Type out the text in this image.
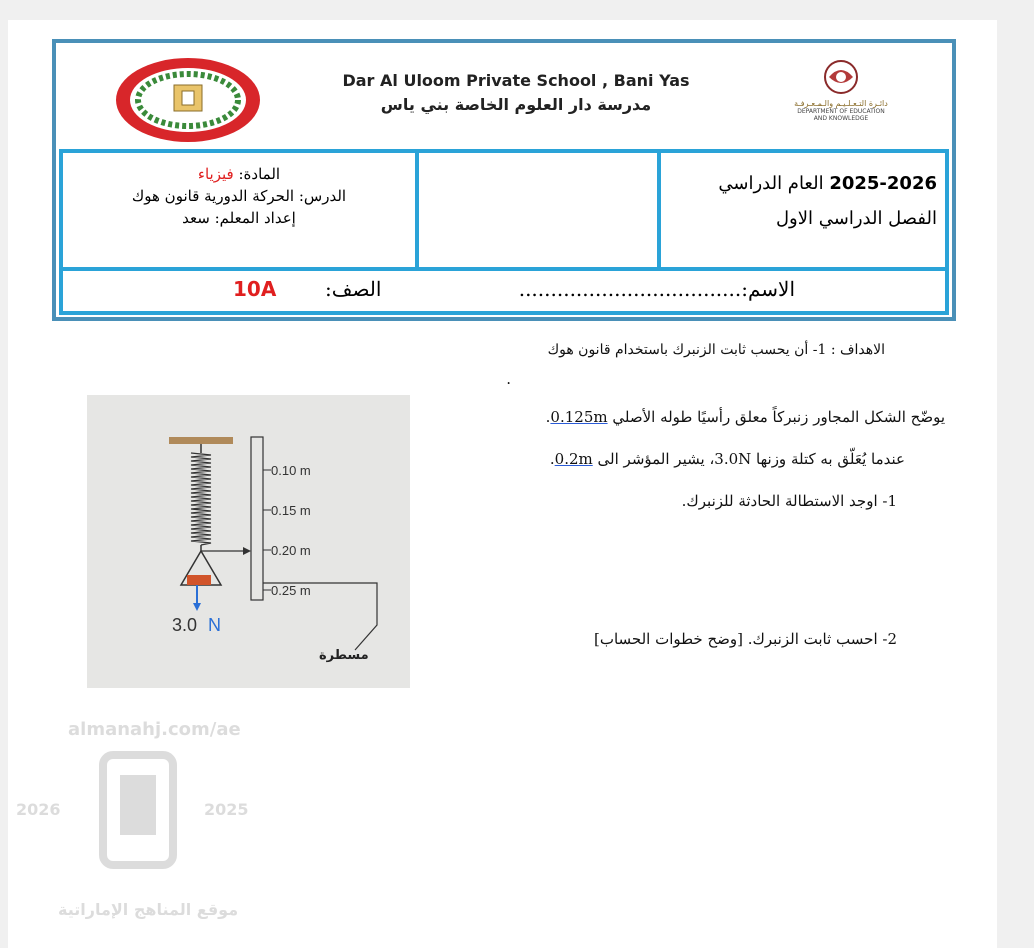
Dar Al Uloom Private School , Bani Yas
مدرسة دار العلوم الخاصة بني ياس	دائـرة التـعـلـيـم والـمـعـرفـة
DEPARTMENT OF EDUCATION
AND KNOWLEDGE
المادة: فيزياء
الدرس: الحركة الدورية قانون هوك
إعداد المعلم: سعد
2025-2026 العام الدراسي
الفصل الدراسي الاول
الاسم:...................................
الصف:
10A
الاهداف : 1- أن يحسب ثابت الزنبرك باستخدام قانون هوك
.
يوضّح الشكل المجاور زنبركاً معلق رأسيًا طوله الأصلي 0.125m.
عندما يُعَلّق به كتلة وزنها 3.0N، يشير المؤشر الى 0.2m.
1- اوجد الاستطالة الحادثة للزنبرك.
2- احسب ثابت الزنبرك. [وضح خطوات الحساب]
0.10 m
0.15 m
0.20 m
0.25 m
3.0 N
مسطرة
2026	2025
almanahj.com/ae
موقع المناهج الإماراتية
